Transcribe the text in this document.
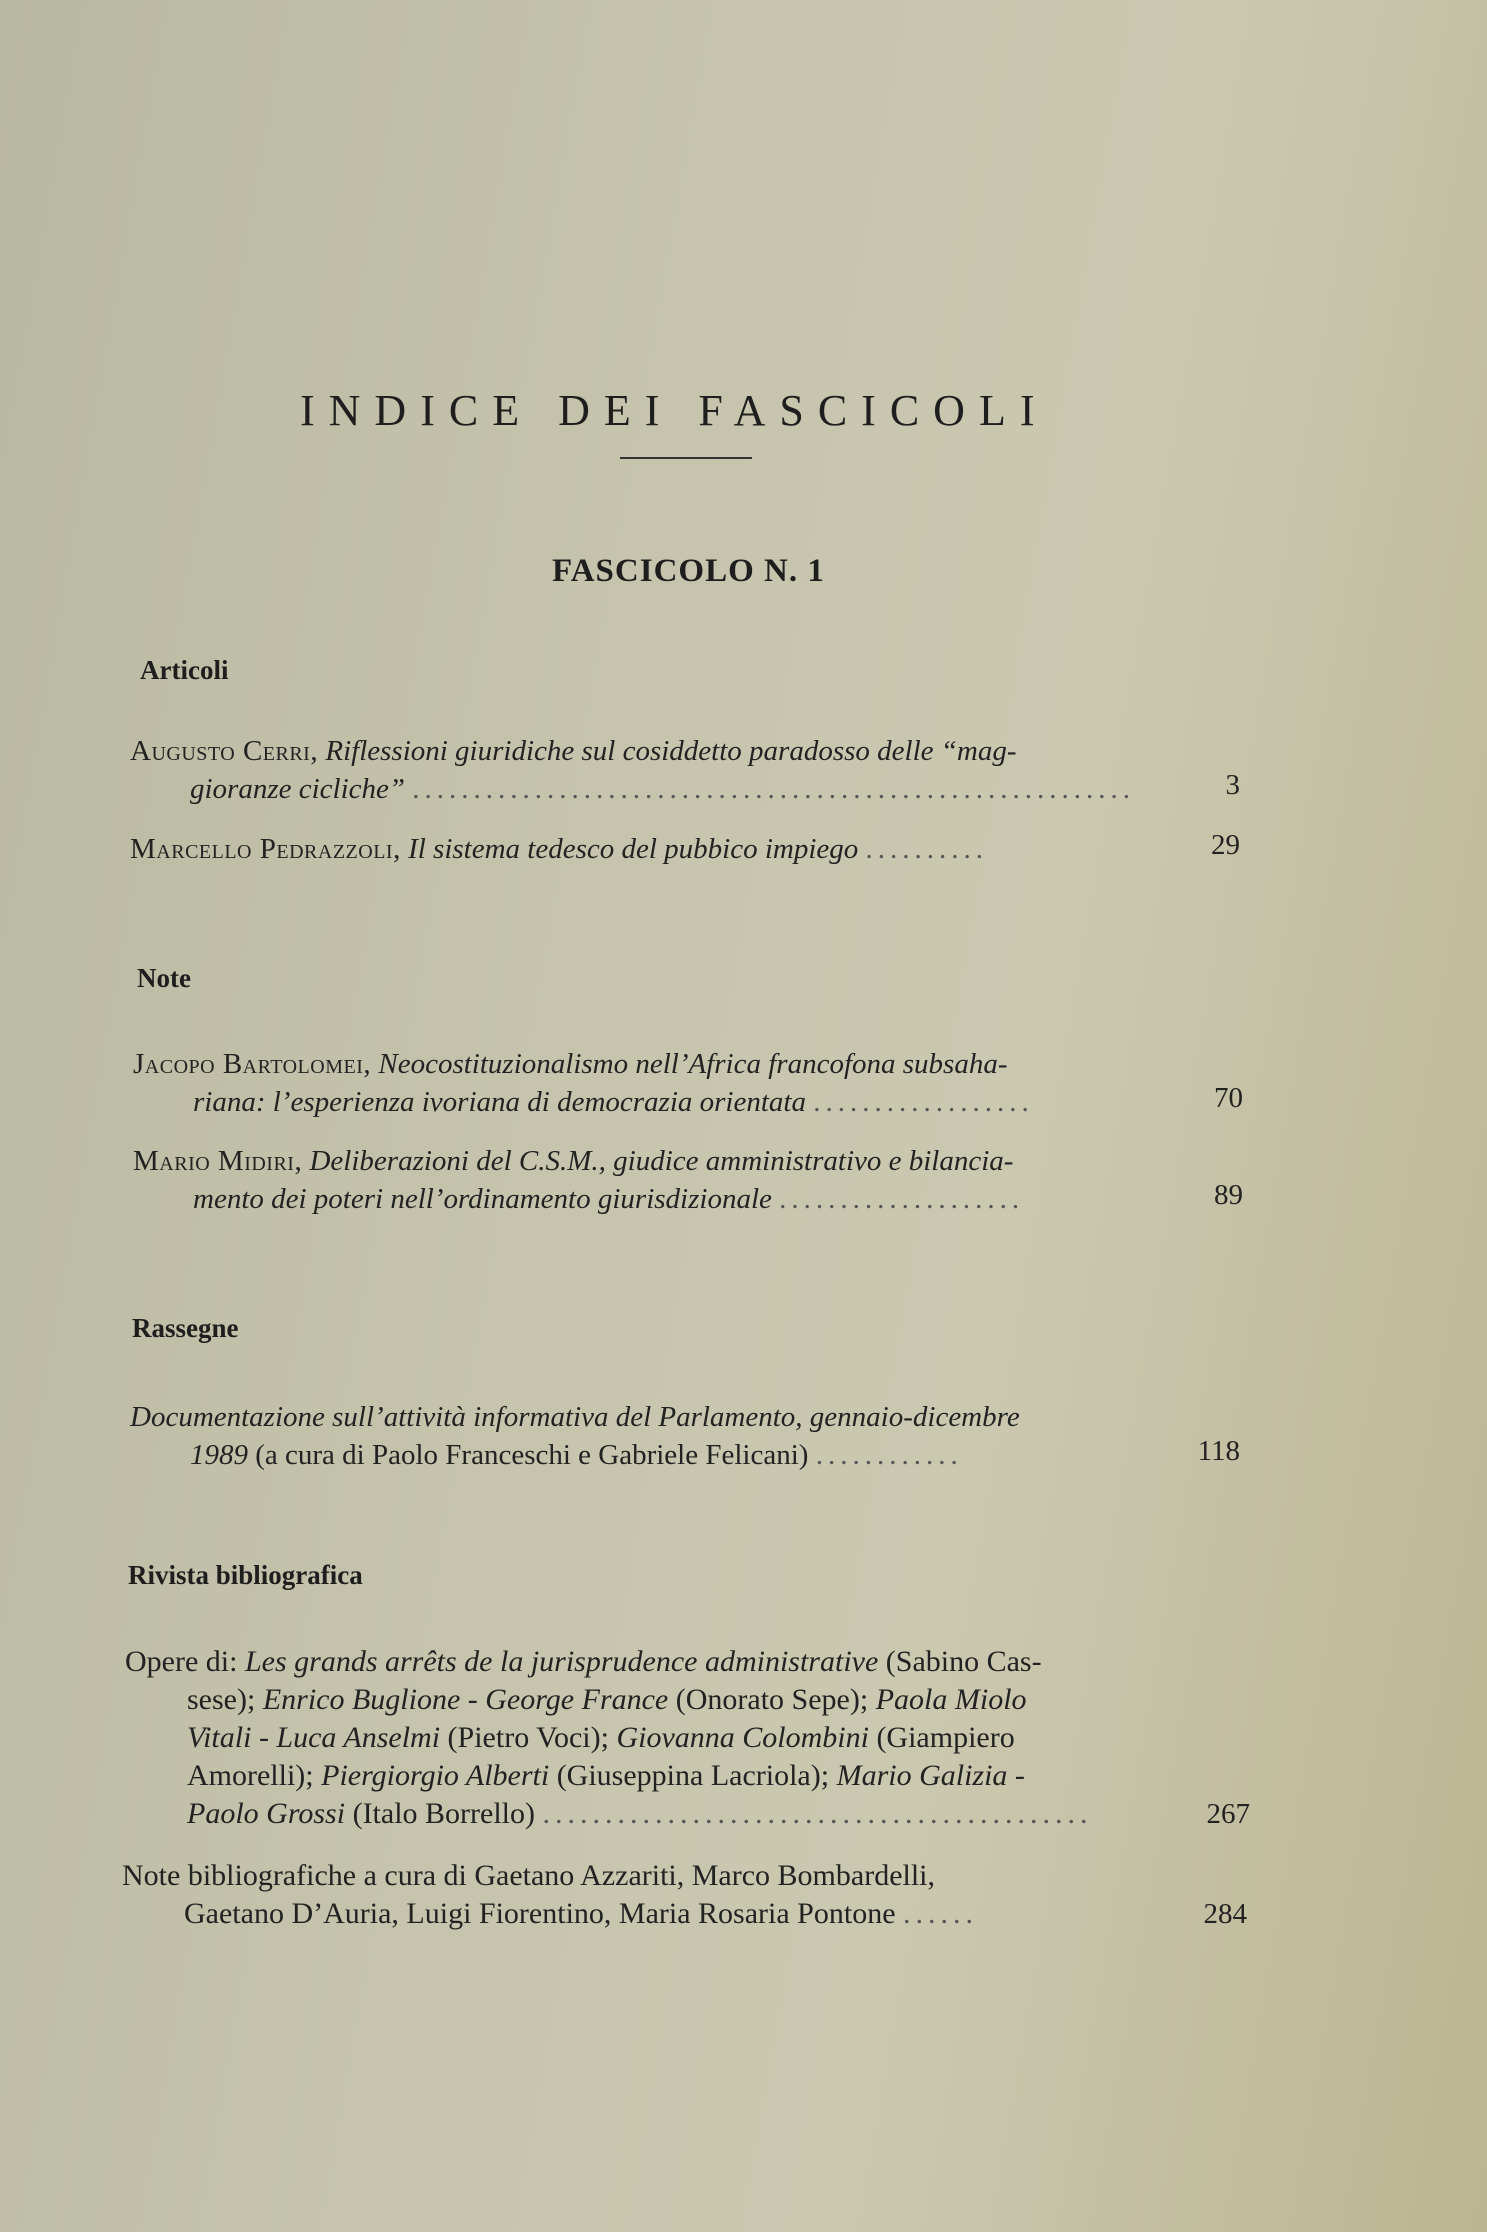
INDICE DEI FASCICOLI
FASCICOLO N. 1
Articoli
Augusto Cerri, Riflessioni giuridiche sul cosiddetto paradosso delle “mag-
gioranze cicliche” ...........................................................	3
Marcello Pedrazzoli, Il sistema tedesco del pubbico impiego ..........	29
Note
Jacopo Bartolomei, Neocostituzionalismo nell’Africa francofona subsaha-
riana: l’esperienza ivoriana di democrazia orientata ..................	70
Mario Midiri, Deliberazioni del C.S.M., giudice amministrativo e bilancia-
mento dei poteri nell’ordinamento giurisdizionale ....................	89
Rassegne
Documentazione sull’attività informativa del Parlamento, gennaio-dicembre
1989 (a cura di Paolo Franceschi e Gabriele Felicani) ............	118
Rivista bibliografica
Opere di: Les grands arrêts de la jurisprudence administrative (Sabino Cas-
sese); Enrico Buglione - George France (Onorato Sepe); Paola Miolo
Vitali - Luca Anselmi (Pietro Voci); Giovanna Colombini (Giampiero
Amorelli); Piergiorgio Alberti (Giuseppina Lacriola); Mario Galizia -
Paolo Grossi (Italo Borrello) ............................................	267
Note bibliografiche a cura di Gaetano Azzariti, Marco Bombardelli,
Gaetano D’Auria, Luigi Fiorentino, Maria Rosaria Pontone ......	284
